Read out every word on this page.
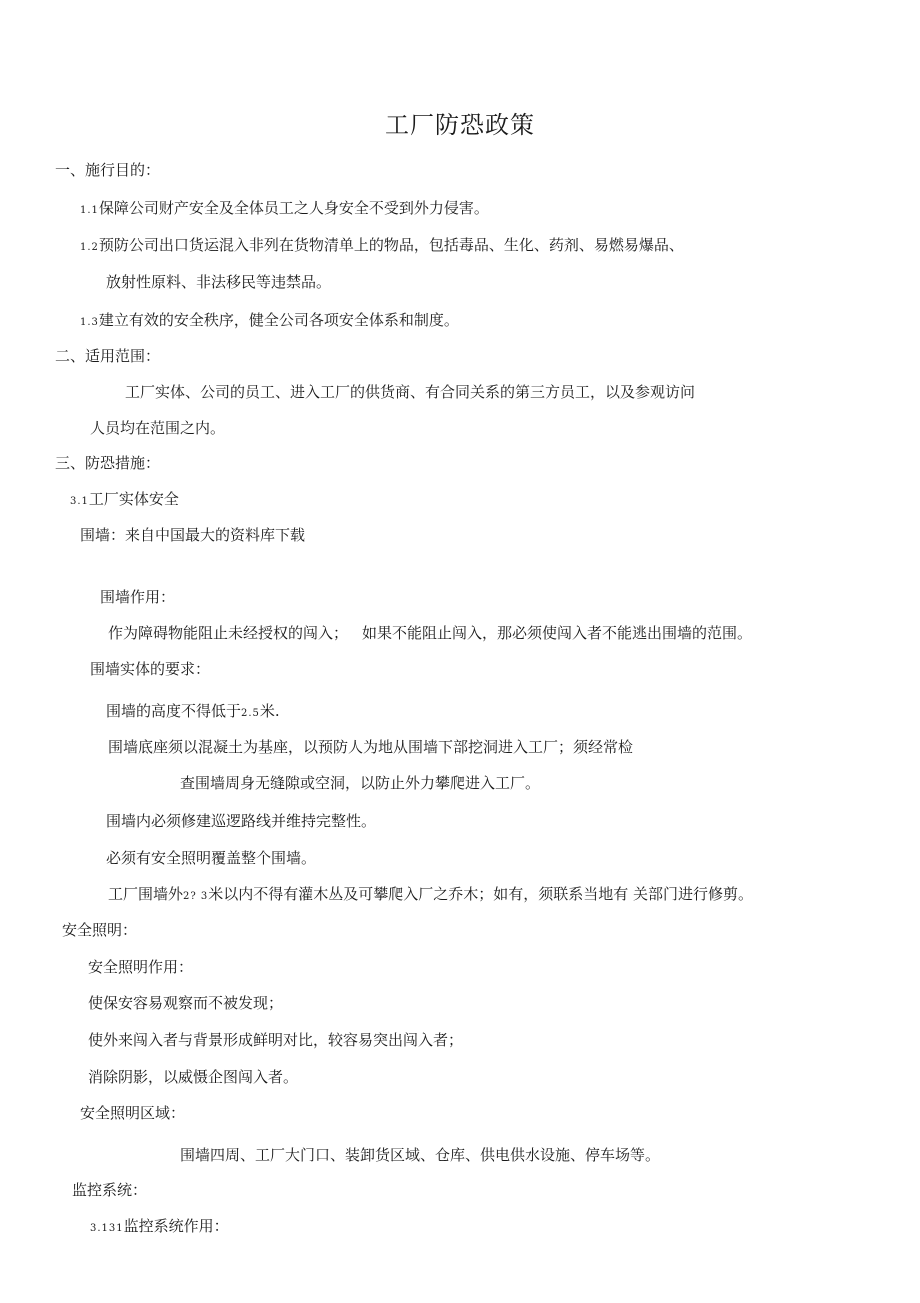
工厂防恐政策
一、施行目的：
1.1保障公司财产安全及全体员工之人身安全不受到外力侵害。
1.2预防公司出口货运混入非列在货物清单上的物品，包括毒品、生化、药剂、易燃易爆品、
放射性原料、非法移民等违禁品。
1.3建立有效的安全秩序，健全公司各项安全体系和制度。
二、适用范围：
工厂实体、公司的员工、进入工厂的供货商、有合同关系的第三方员工，以及参观访问
人员均在范围之内。
三、防恐措施：
3.1工厂实体安全
围墙：来自中国最大的资料库下载
围墙作用：
作为障碍物能阻止未经授权的闯入； 如果不能阻止闯入，那必须使闯入者不能逃出围墙的范围。
围墙实体的要求：
围墙的高度不得低于2.5米.
围墙底座须以混凝土为基座，以预防人为地从围墙下部挖洞进入工厂；须经常检
查围墙周身无缝隙或空洞，以防止外力攀爬进入工厂。
围墙内必须修建巡逻路线并维持完整性。
必须有安全照明覆盖整个围墙。
工厂围墙外2? 3米以内不得有灌木丛及可攀爬入厂之乔木；如有，须联系当地有 关部门进行修剪。
安全照明：
安全照明作用：
使保安容易观察而不被发现；
使外来闯入者与背景形成鲜明对比，较容易突出闯入者；
消除阴影，以威慑企图闯入者。
安全照明区域：
围墙四周、工厂大门口、装卸货区域、仓库、供电供水设施、停车场等。
监控系统：
3.131监控系统作用：
